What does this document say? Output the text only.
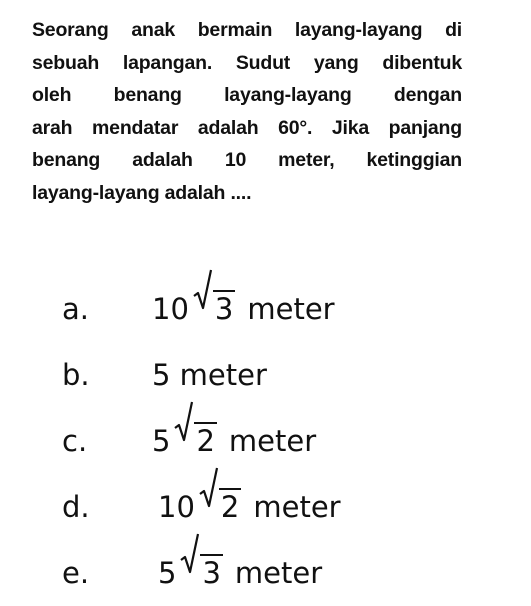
Seorang anak bermain layang-layang di
sebuah lapangan. Sudut yang dibentuk
oleh benang layang-layang dengan
arah mendatar adalah 60°. Jika panjang
benang adalah 10 meter, ketinggian
layang-layang adalah ....
a. 10 3 meter
b. 5 meter
c. 5 2 meter
d. 10 2 meter
e. 5 3 meter
